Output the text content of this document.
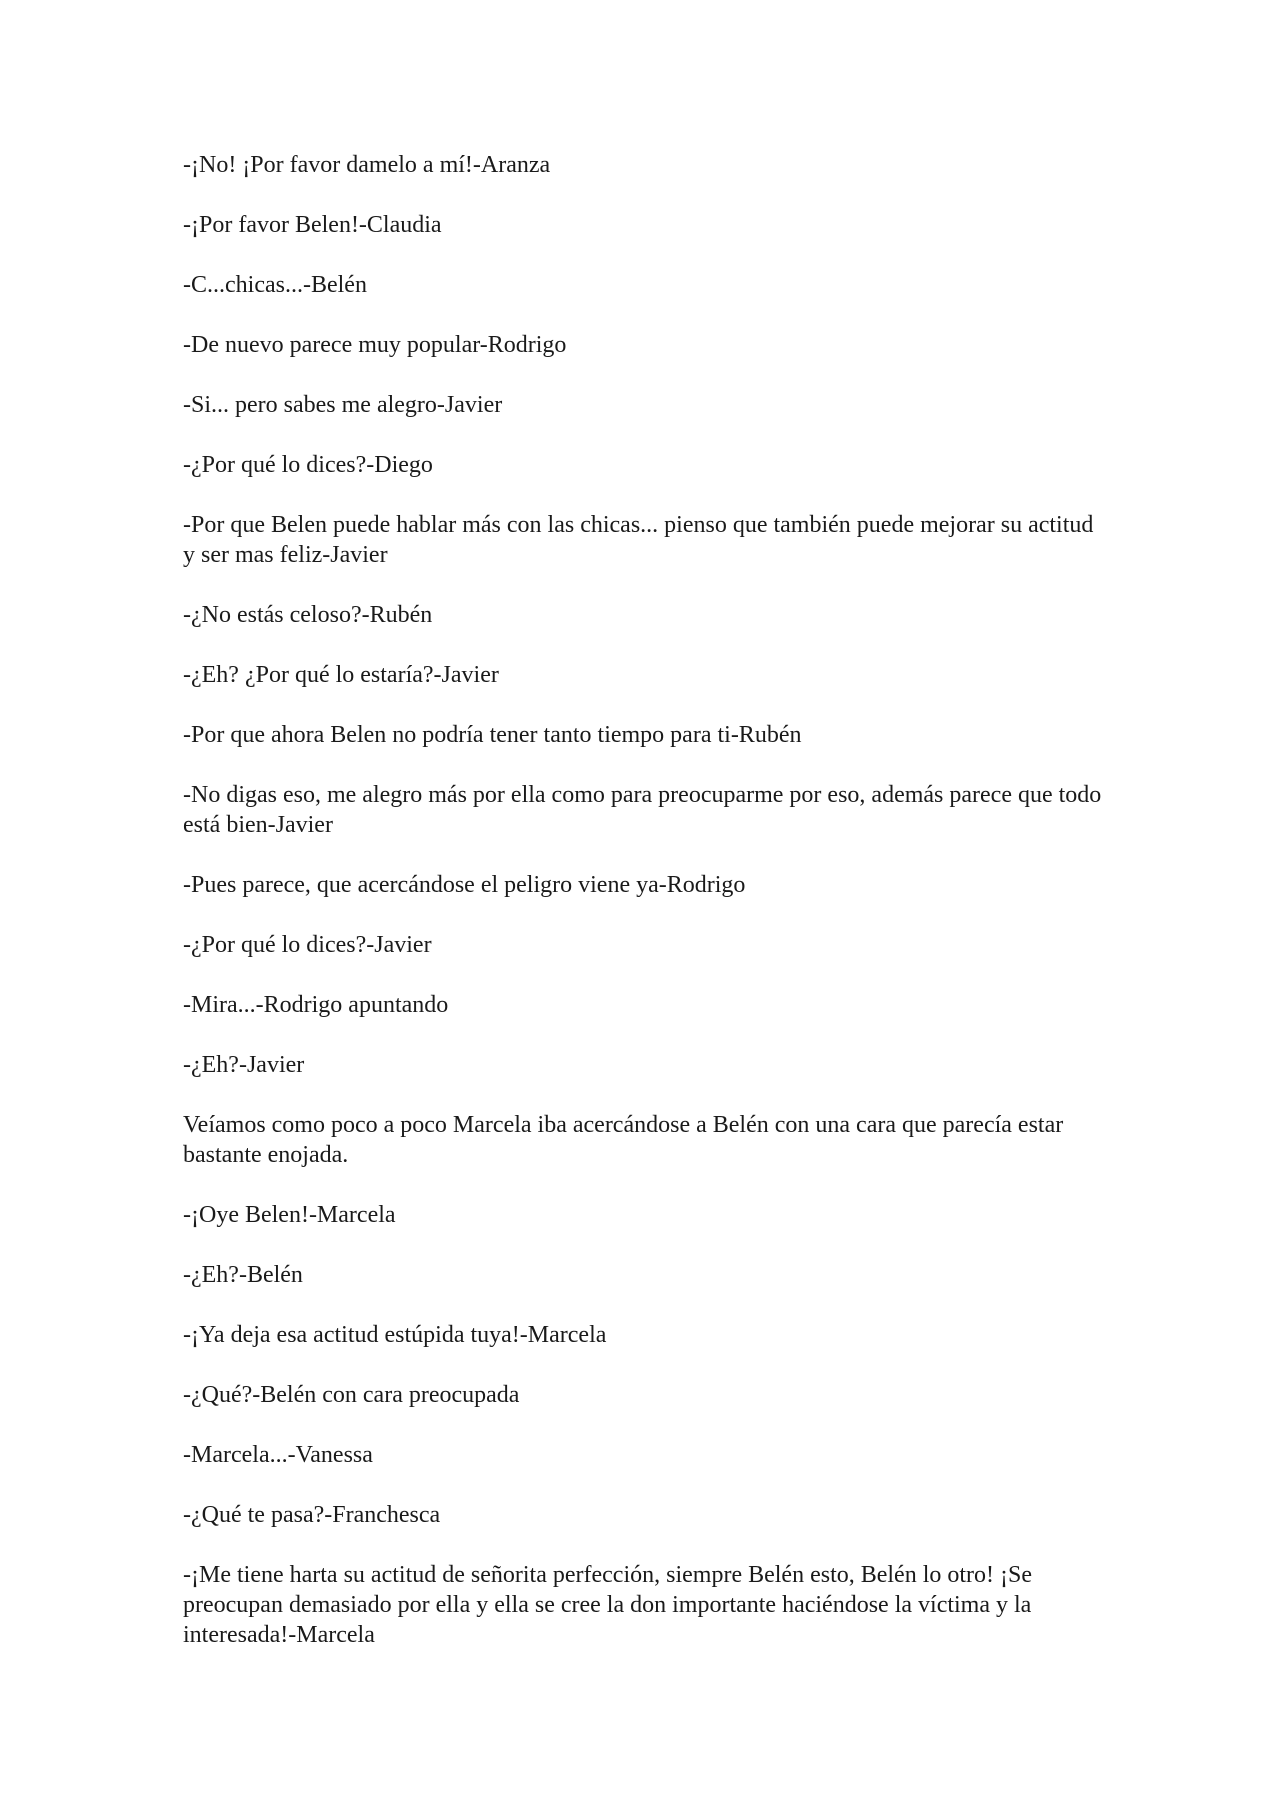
-¡No! ¡Por favor damelo a mí!-Aranza

-¡Por favor Belen!-Claudia

-C...chicas...-Belén

-De nuevo parece muy popular-Rodrigo

-Si... pero sabes me alegro-Javier

-¿Por qué lo dices?-Diego

-Por que Belen puede hablar más con las chicas... pienso que también puede mejorar su actitud y ser mas feliz-Javier

-¿No estás celoso?-Rubén

-¿Eh? ¿Por qué lo estaría?-Javier

-Por que ahora Belen no podría tener tanto tiempo para ti-Rubén

-No digas eso, me alegro más por ella como para preocuparme por eso, además parece que todo está bien-Javier

-Pues parece, que acercándose el peligro viene ya-Rodrigo

-¿Por qué lo dices?-Javier

-Mira...-Rodrigo apuntando

-¿Eh?-Javier

Veíamos como poco a poco Marcela iba acercándose a Belén con una cara que parecía estar bastante enojada.

-¡Oye Belen!-Marcela

-¿Eh?-Belén

-¡Ya deja esa actitud estúpida tuya!-Marcela

-¿Qué?-Belén con cara preocupada

-Marcela...-Vanessa

-¿Qué te pasa?-Franchesca

-¡Me tiene harta su actitud de señorita perfección, siempre Belén esto, Belén lo otro! ¡Se preocupan demasiado por ella y ella se cree la don importante haciéndose la víctima y la interesada!-Marcela
